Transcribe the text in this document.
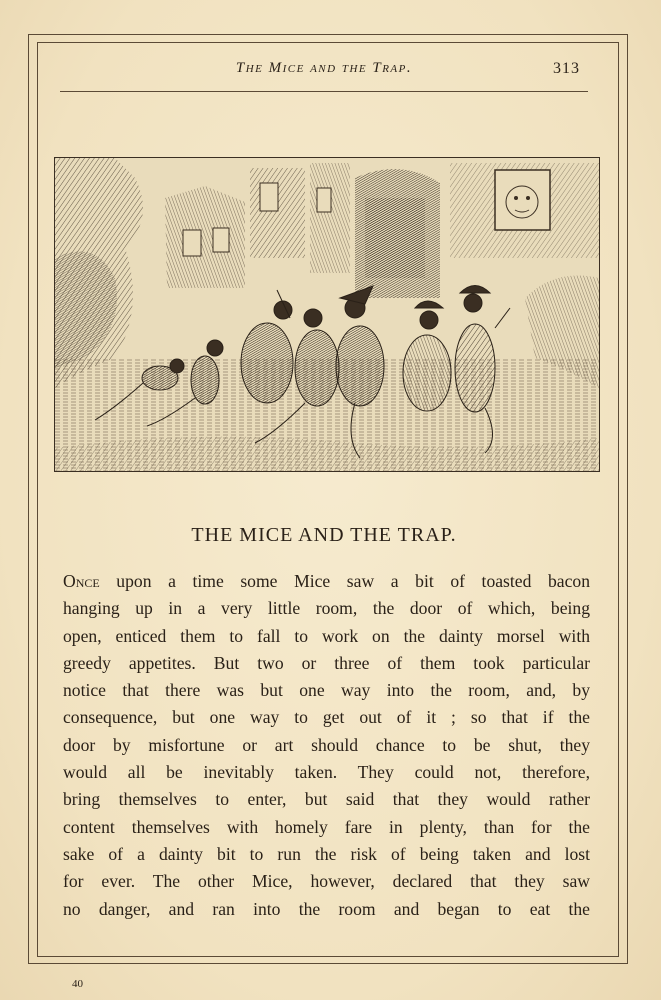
The Mice and the Trap.	313
THE MICE AND THE TRAP.
Once upon a time some Mice saw a bit of toasted bacon
hanging up in a very little room, the door of which, being
open, enticed them to fall to work on the dainty morsel with
greedy appetites. But two or three of them took particular
notice that there was but one way into the room, and, by
consequence, but one way to get out of it ; so that if the
door by misfortune or art should chance to be shut, they
would all be inevitably taken. They could not, therefore,
bring themselves to enter, but said that they would rather
content themselves with homely fare in plenty, than for the
sake of a dainty bit to run the risk of being taken and lost
for ever. The other Mice, however, declared that they saw
no danger, and ran into the room and began to eat the
40
